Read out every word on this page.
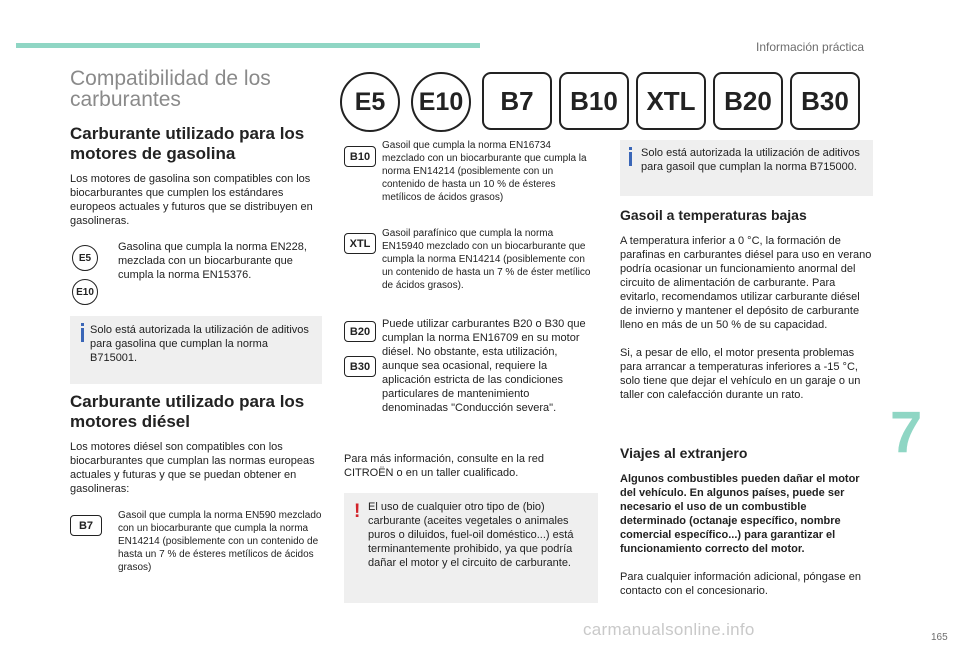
Información práctica
7
165
Compatibilidad de los carburantes	E5	E10	B7	B10	XTL	B20	B30
Carburante utilizado para los motores de gasolina
Los motores de gasolina son compatibles con los biocarburantes que cumplen los estándares europeos actuales y futuros que se distribuyen en gasolineras.
E5
E10
Gasolina que cumpla la norma EN228, mezclada con un biocarburante que cumpla la norma EN15376.
Solo está autorizada la utilización de aditivos para gasolina que cumplan la norma B715001.
Carburante utilizado para los motores diésel
Los motores diésel son compatibles con los biocarburantes que cumplan las normas europeas actuales y futuras y que se puedan obtener en gasolineras:
B7
Gasoil que cumpla la norma EN590 mezclado con un biocarburante que cumpla la norma EN14214 (posiblemente con un contenido de hasta un 7 % de ésteres metílicos de ácidos grasos)
B10
Gasoil que cumpla la norma EN16734 mezclado con un biocarburante que cumpla la norma EN14214 (posiblemente con un contenido de hasta un 10 % de ésteres metílicos de ácidos grasos)
XTL
Gasoil parafínico que cumpla la norma EN15940 mezclado con un biocarburante que cumpla la norma EN14214 (posiblemente con un contenido de hasta un 7 % de éster metílico de ácidos grasos).
B20
B30
Puede utilizar carburantes B20 o B30 que cumplan la norma EN16709 en su motor diésel. No obstante, esta utilización, aunque sea ocasional, requiere la aplicación estricta de las condiciones particulares de mantenimiento denominadas "Conducción severa".
Para más información, consulte en la red CITROËN o en un taller cualificado.
! El uso de cualquier otro tipo de (bio) carburante (aceites vegetales o animales puros o diluidos, fuel-oil doméstico...) está terminantemente prohibido, ya que podría dañar el motor y el circuito de carburante.
Solo está autorizada la utilización de aditivos para gasoil que cumplan la norma B715000.
Gasoil a temperaturas bajas
A temperatura inferior a 0 °C, la formación de parafinas en carburantes diésel para uso en verano podría ocasionar un funcionamiento anormal del circuito de alimentación de carburante. Para evitarlo, recomendamos utilizar carburante diésel de invierno y mantener el depósito de carburante lleno en más de un 50 % de su capacidad.
Si, a pesar de ello, el motor presenta problemas para arrancar a temperaturas inferiores a -15 °C, solo tiene que dejar el vehículo en un garaje o un taller con calefacción durante un rato.
Viajes al extranjero
Algunos combustibles pueden dañar el motor del vehículo. En algunos países, puede ser necesario el uso de un combustible determinado (octanaje específico, nombre comercial específico...) para garantizar el funcionamiento correcto del motor.
Para cualquier información adicional, póngase en contacto con el concesionario.
carmanualsonline.info
